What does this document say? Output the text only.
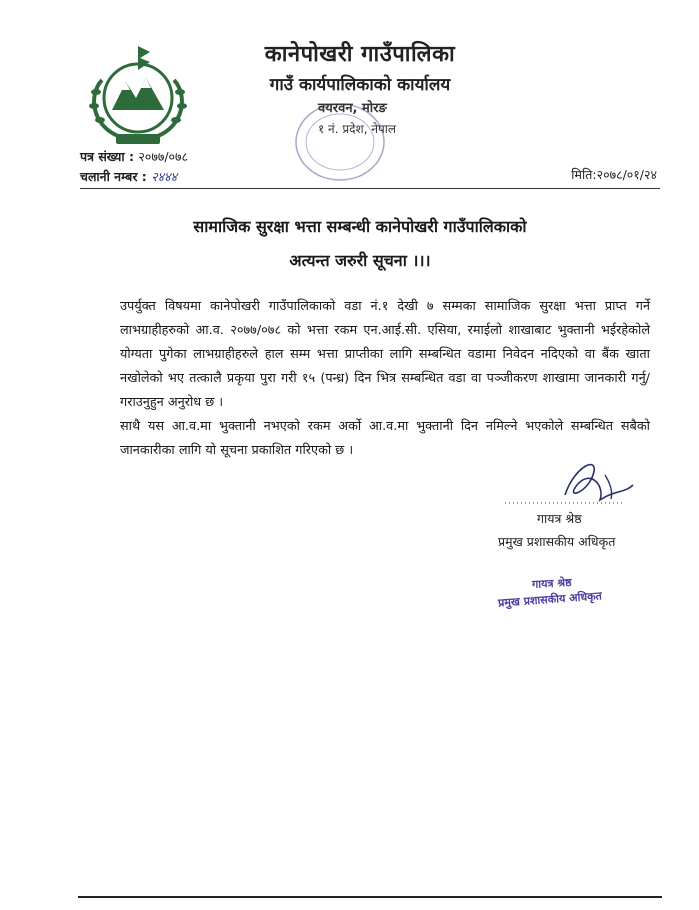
कानेपोखरी गाउँपालिका
गाउँ कार्यपालिकाको कार्यालय
वयरवन, मोरङ
१ नं. प्रदेश, नेपाल
पत्र संख्या : २०७७/०७८
चलानी नम्बर : २४४४	मिति:२०७८/०१/२४
सामाजिक सुरक्षा भत्ता सम्बन्धी कानेपोखरी गाउँपालिकाको
अत्यन्त जरुरी सूचना ।।।

उपर्युक्त विषयमा कानेपोखरी गाउँपालिकाको वडा नं.१ देखी ७ सम्मका सामाजिक सुरक्षा भत्ता प्राप्त गर्ने लाभग्राहीहरुको आ.व. २०७७/०७८ को भत्ता रकम एन.आई.सी. एसिया, रमाईलो शाखाबाट भुक्तानी भईरहेकोले योग्यता पुगेका लाभग्राहीहरुले हाल सम्म भत्ता प्राप्तीका लागि सम्बन्धित वडामा निवेदन नदिएको वा बैंक खाता नखोलेको भए तत्कालै प्रकृया पुरा गरी १५ (पन्ध्र) दिन भित्र सम्बन्धित वडा वा पञ्जीकरण शाखामा जानकारी गर्नु/गराउनुहुन अनुरोध छ ।

साथै यस आ.व.मा भुक्तानी नभएको रकम अर्को आ.व.मा भुक्तानी दिन नमिल्ने भएकोले सम्बन्धित सबैको जानकारीका लागि यो सूचना प्रकाशित गरिएको छ ।

गायत्र श्रेष्ठ
प्रमुख प्रशासकीय अधिकृत
गायत्र श्रेष्ठ
प्रमुख प्रशासकीय अधिकृत
